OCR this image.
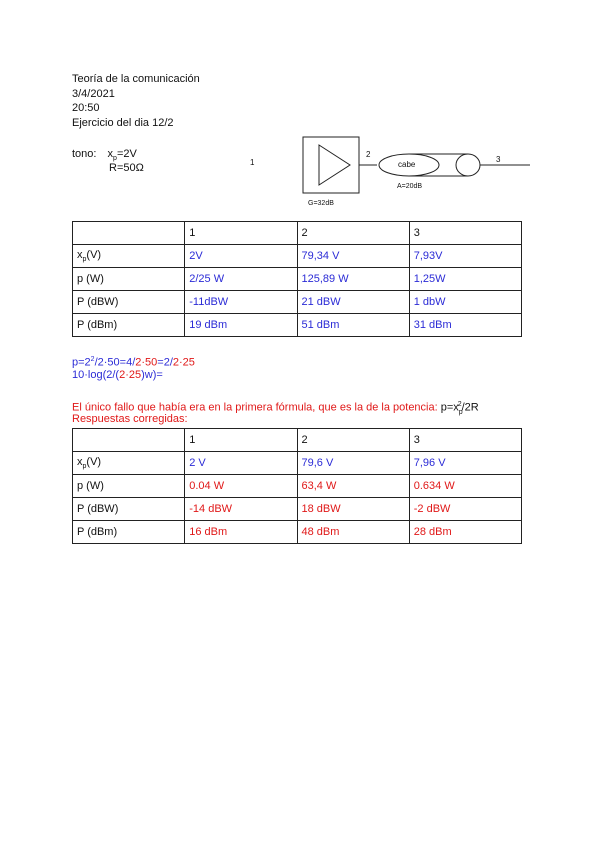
Teoría de la comunicación
3/4/2021
20:50
Ejercicio del dia 12/2
tono: $x_p=2V$
R=50Ω	1
2
3
cabe
A=20dB
G=32dB
	1	2	3
$x_p(V)$	2V	79,34 V	7,93V
p (W)	2/25 W	125,89 W	1,25W
P (dBW)	-11dBW	21 dBW	1 dbW
P (dBm)	19 dBm	51 dBm	31 dBm
$p=2^2/2\cdot 50=4/2\cdot 50=2/2\cdot 25$
10·log(2/(2·25)w)=
El único fallo que había era en la primera fórmula, que es la de la potencia: $p=x_p^2/2R$
Respuestas corregidas:
	1	2	3
$x_p(V)$	2 V	79,6 V	7,96 V
p (W)	0.04 W	63,4 W	0.634 W
P (dBW)	-14 dBW	18 dBW	-2 dBW
P (dBm)	16 dBm	48 dBm	28 dBm
